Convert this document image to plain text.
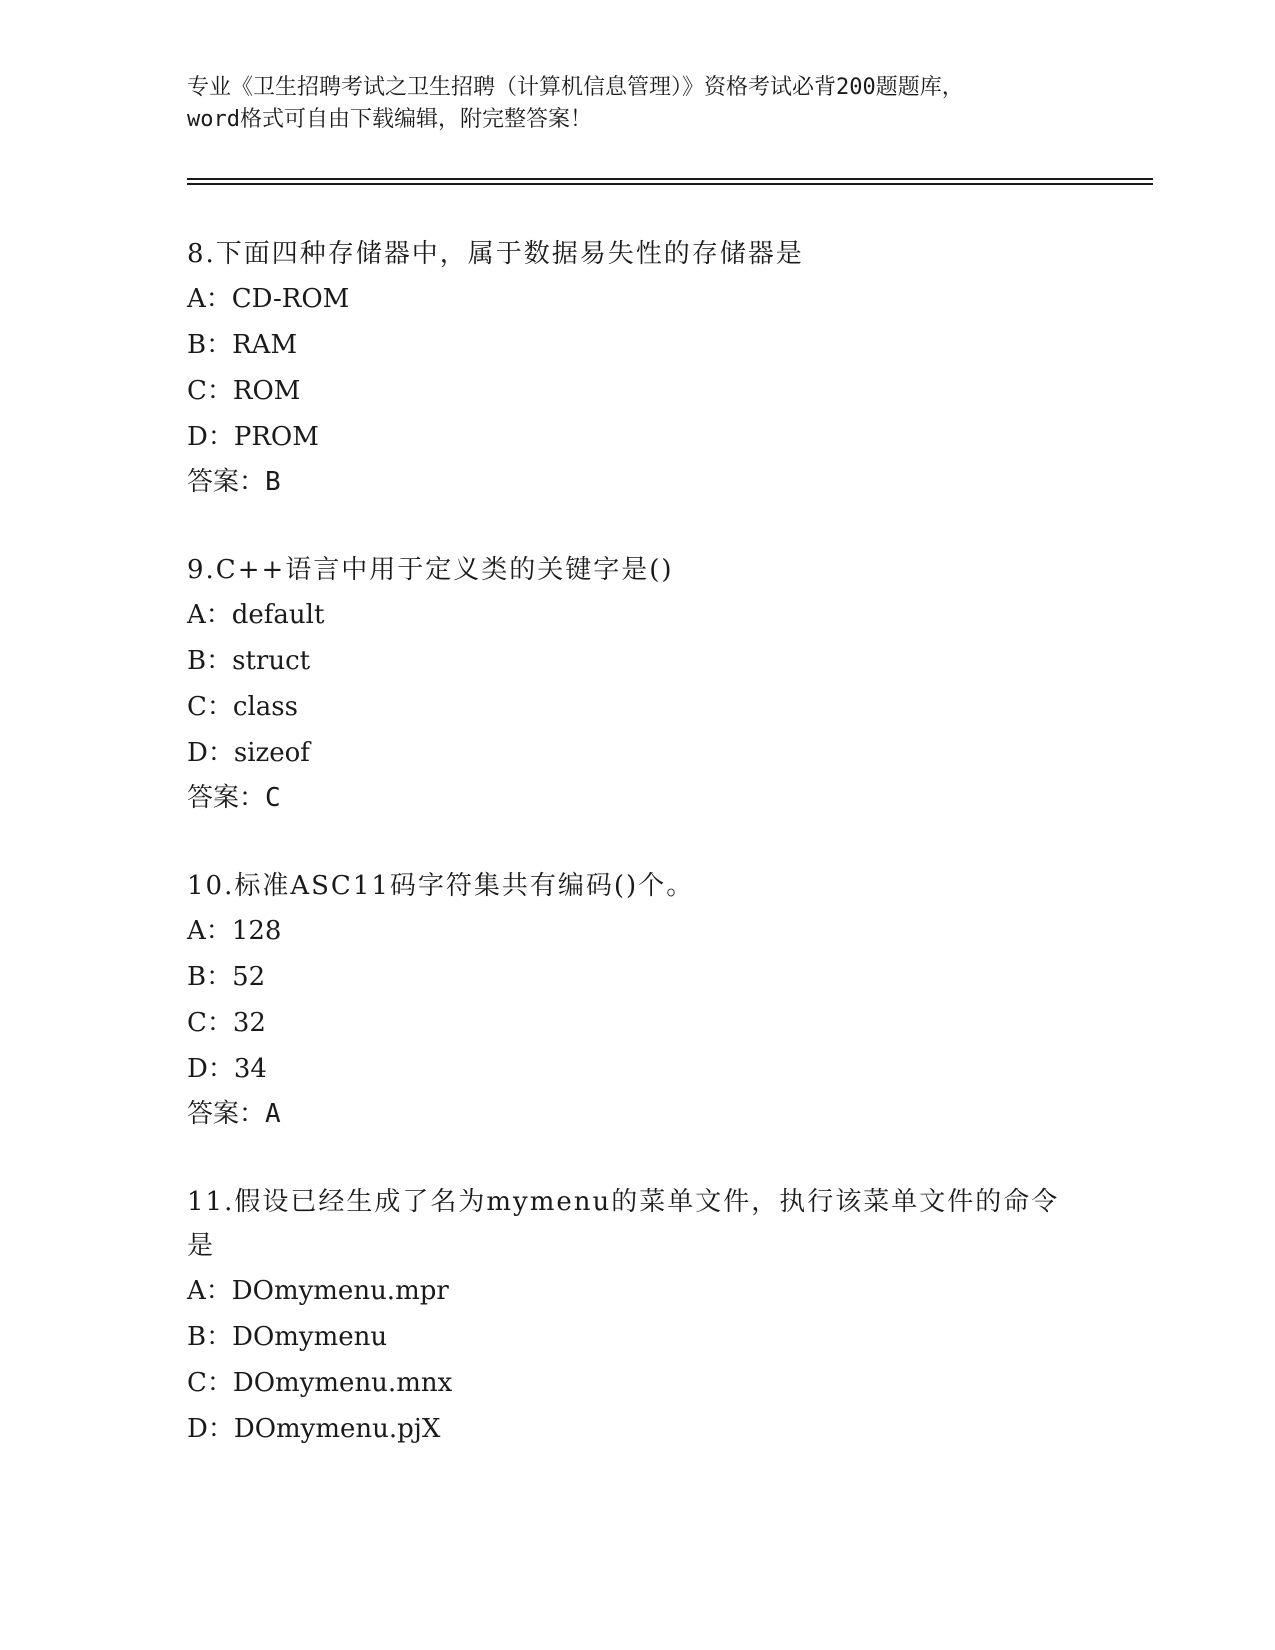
专业《卫生招聘考试之卫生招聘（计算机信息管理）》资格考试必背200题题库，
word格式可自由下载编辑，附完整答案！
8.下面四种存储器中，属于数据易失性的存储器是
A：CD-ROM
B：RAM
C：ROM
D：PROM
答案：B
9.C++语言中用于定义类的关键字是()
A：default
B：struct
C：class
D：sizeof
答案：C
10.标准ASC11码字符集共有编码()个。
A：128
B：52
C：32
D：34
答案：A
11.假设已经生成了名为mymenu的菜单文件，执行该菜单文件的命令是
A：DOmymenu.mpr
B：DOmymenu
C：DOmymenu.mnx
D：DOmymenu.pjX
